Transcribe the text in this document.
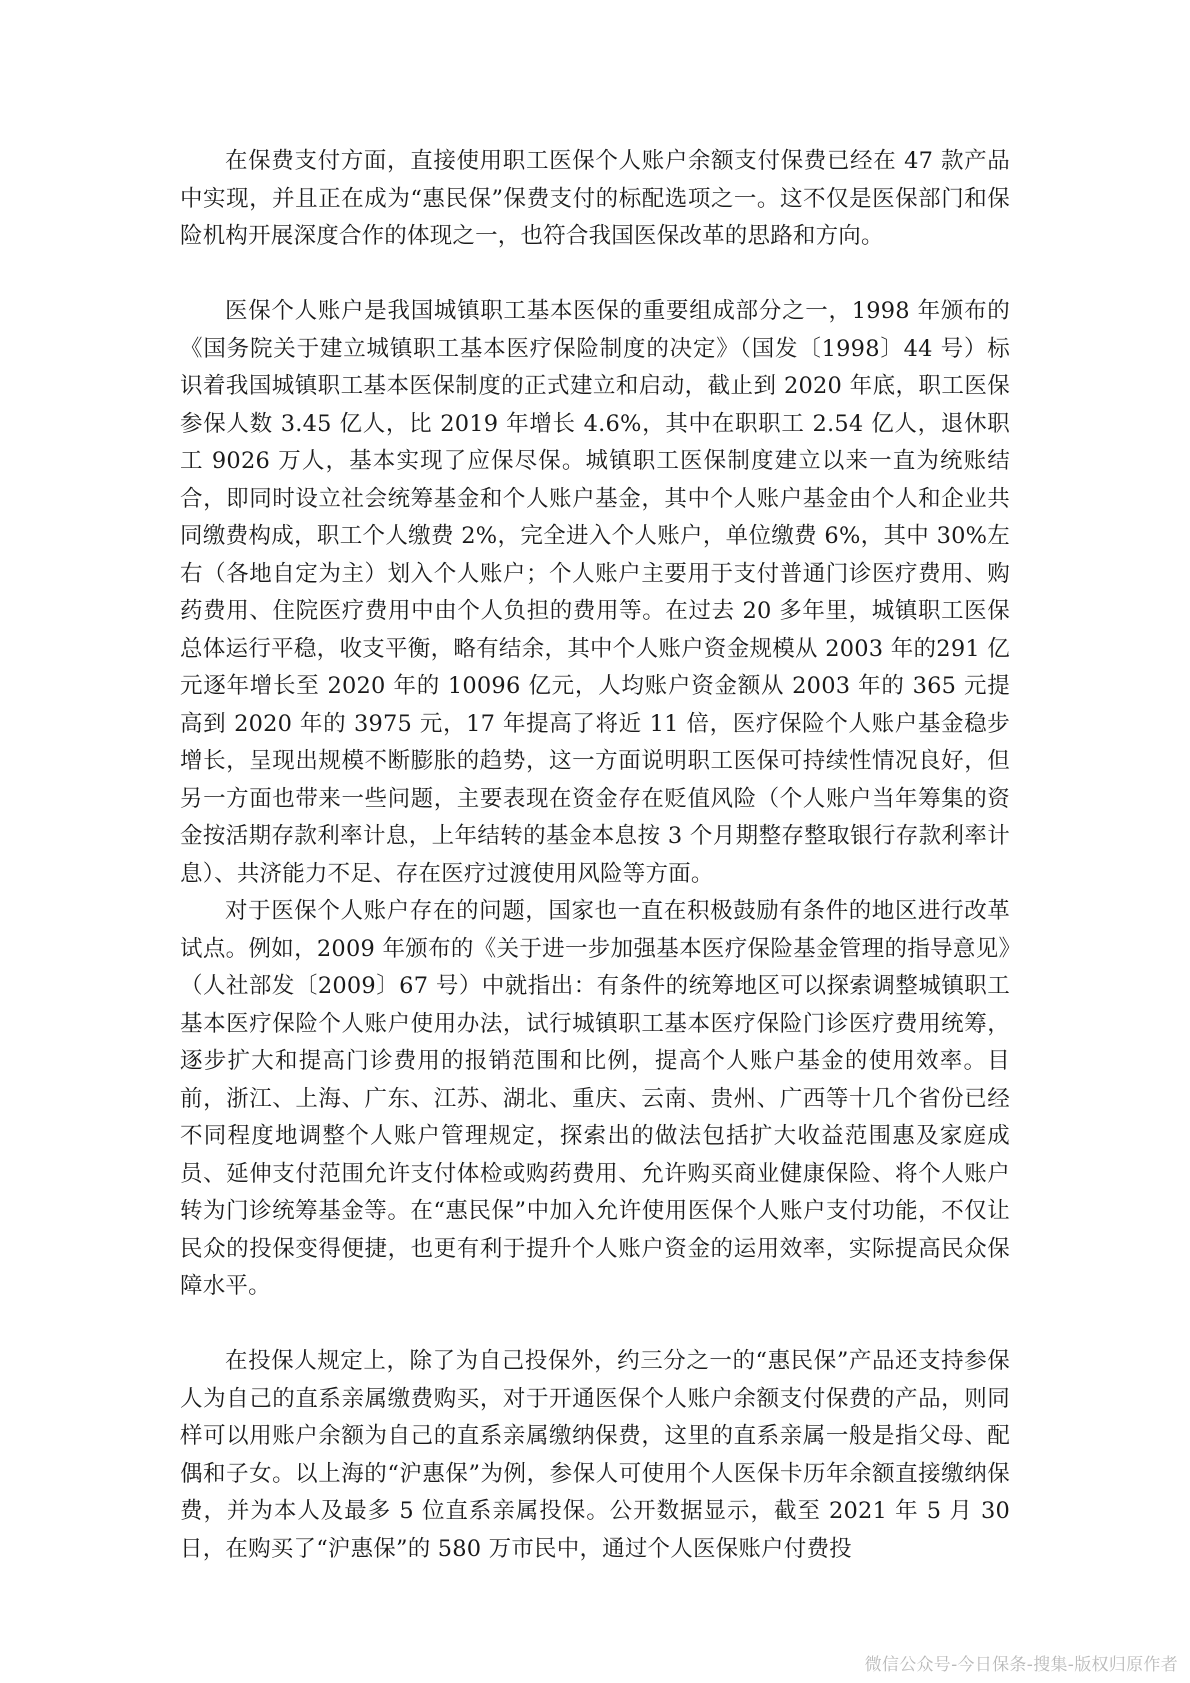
在保费支付方面，直接使用职工医保个人账户余额支付保费已经在 47 款产品中实现，并且正在成为“惠民保”保费支付的标配选项之一。这不仅是医保部门和保险机构开展深度合作的体现之一，也符合我国医保改革的思路和方向。

医保个人账户是我国城镇职工基本医保的重要组成部分之一，1998 年颁布的《国务院关于建立城镇职工基本医疗保险制度的决定》（国发〔1998〕44 号）标识着我国城镇职工基本医保制度的正式建立和启动，截止到 2020 年底，职工医保参保人数 3.45 亿人，比 2019 年增长 4.6%，其中在职职工 2.54 亿人，退休职工 9026 万人，基本实现了应保尽保。城镇职工医保制度建立以来一直为统账结合，即同时设立社会统筹基金和个人账户基金，其中个人账户基金由个人和企业共同缴费构成，职工个人缴费 2%，完全进入个人账户，单位缴费 6%，其中 30%左右（各地自定为主）划入个人账户；个人账户主要用于支付普通门诊医疗费用、购药费用、住院医疗费用中由个人负担的费用等。在过去 20 多年里，城镇职工医保总体运行平稳，收支平衡，略有结余，其中个人账户资金规模从 2003 年的291 亿元逐年增长至 2020 年的 10096 亿元，人均账户资金额从 2003 年的 365 元提高到 2020 年的 3975 元，17 年提高了将近 11 倍，医疗保险个人账户基金稳步增长，呈现出规模不断膨胀的趋势，这一方面说明职工医保可持续性情况良好，但另一方面也带来一些问题，主要表现在资金存在贬值风险（个人账户当年筹集的资金按活期存款利率计息，上年结转的基金本息按 3 个月期整存整取银行存款利率计息）、共济能力不足、存在医疗过渡使用风险等方面。

对于医保个人账户存在的问题，国家也一直在积极鼓励有条件的地区进行改革试点。例如，2009 年颁布的《关于进一步加强基本医疗保险基金管理的指导意见》（人社部发〔2009〕67 号）中就指出：有条件的统筹地区可以探索调整城镇职工基本医疗保险个人账户使用办法，试行城镇职工基本医疗保险门诊医疗费用统筹，逐步扩大和提高门诊费用的报销范围和比例，提高个人账户基金的使用效率。目前，浙江、上海、广东、江苏、湖北、重庆、云南、贵州、广西等十几个省份已经不同程度地调整个人账户管理规定，探索出的做法包括扩大收益范围惠及家庭成员、延伸支付范围允许支付体检或购药费用、允许购买商业健康保险、将个人账户转为门诊统筹基金等。在“惠民保”中加入允许使用医保个人账户支付功能，不仅让民众的投保变得便捷，也更有利于提升个人账户资金的运用效率，实际提高民众保障水平。

在投保人规定上，除了为自己投保外，约三分之一的“惠民保”产品还支持参保人为自己的直系亲属缴费购买，对于开通医保个人账户余额支付保费的产品，则同样可以用账户余额为自己的直系亲属缴纳保费，这里的直系亲属一般是指父母、配偶和子女。以上海的“沪惠保”为例，参保人可使用个人医保卡历年余额直接缴纳保费，并为本人及最多 5 位直系亲属投保。公开数据显示，截至 2021 年 5 月 30 日，在购买了“沪惠保”的 580 万市民中，通过个人医保账户付费投

微信公众号-今日保条-搜集-版权归原作者
